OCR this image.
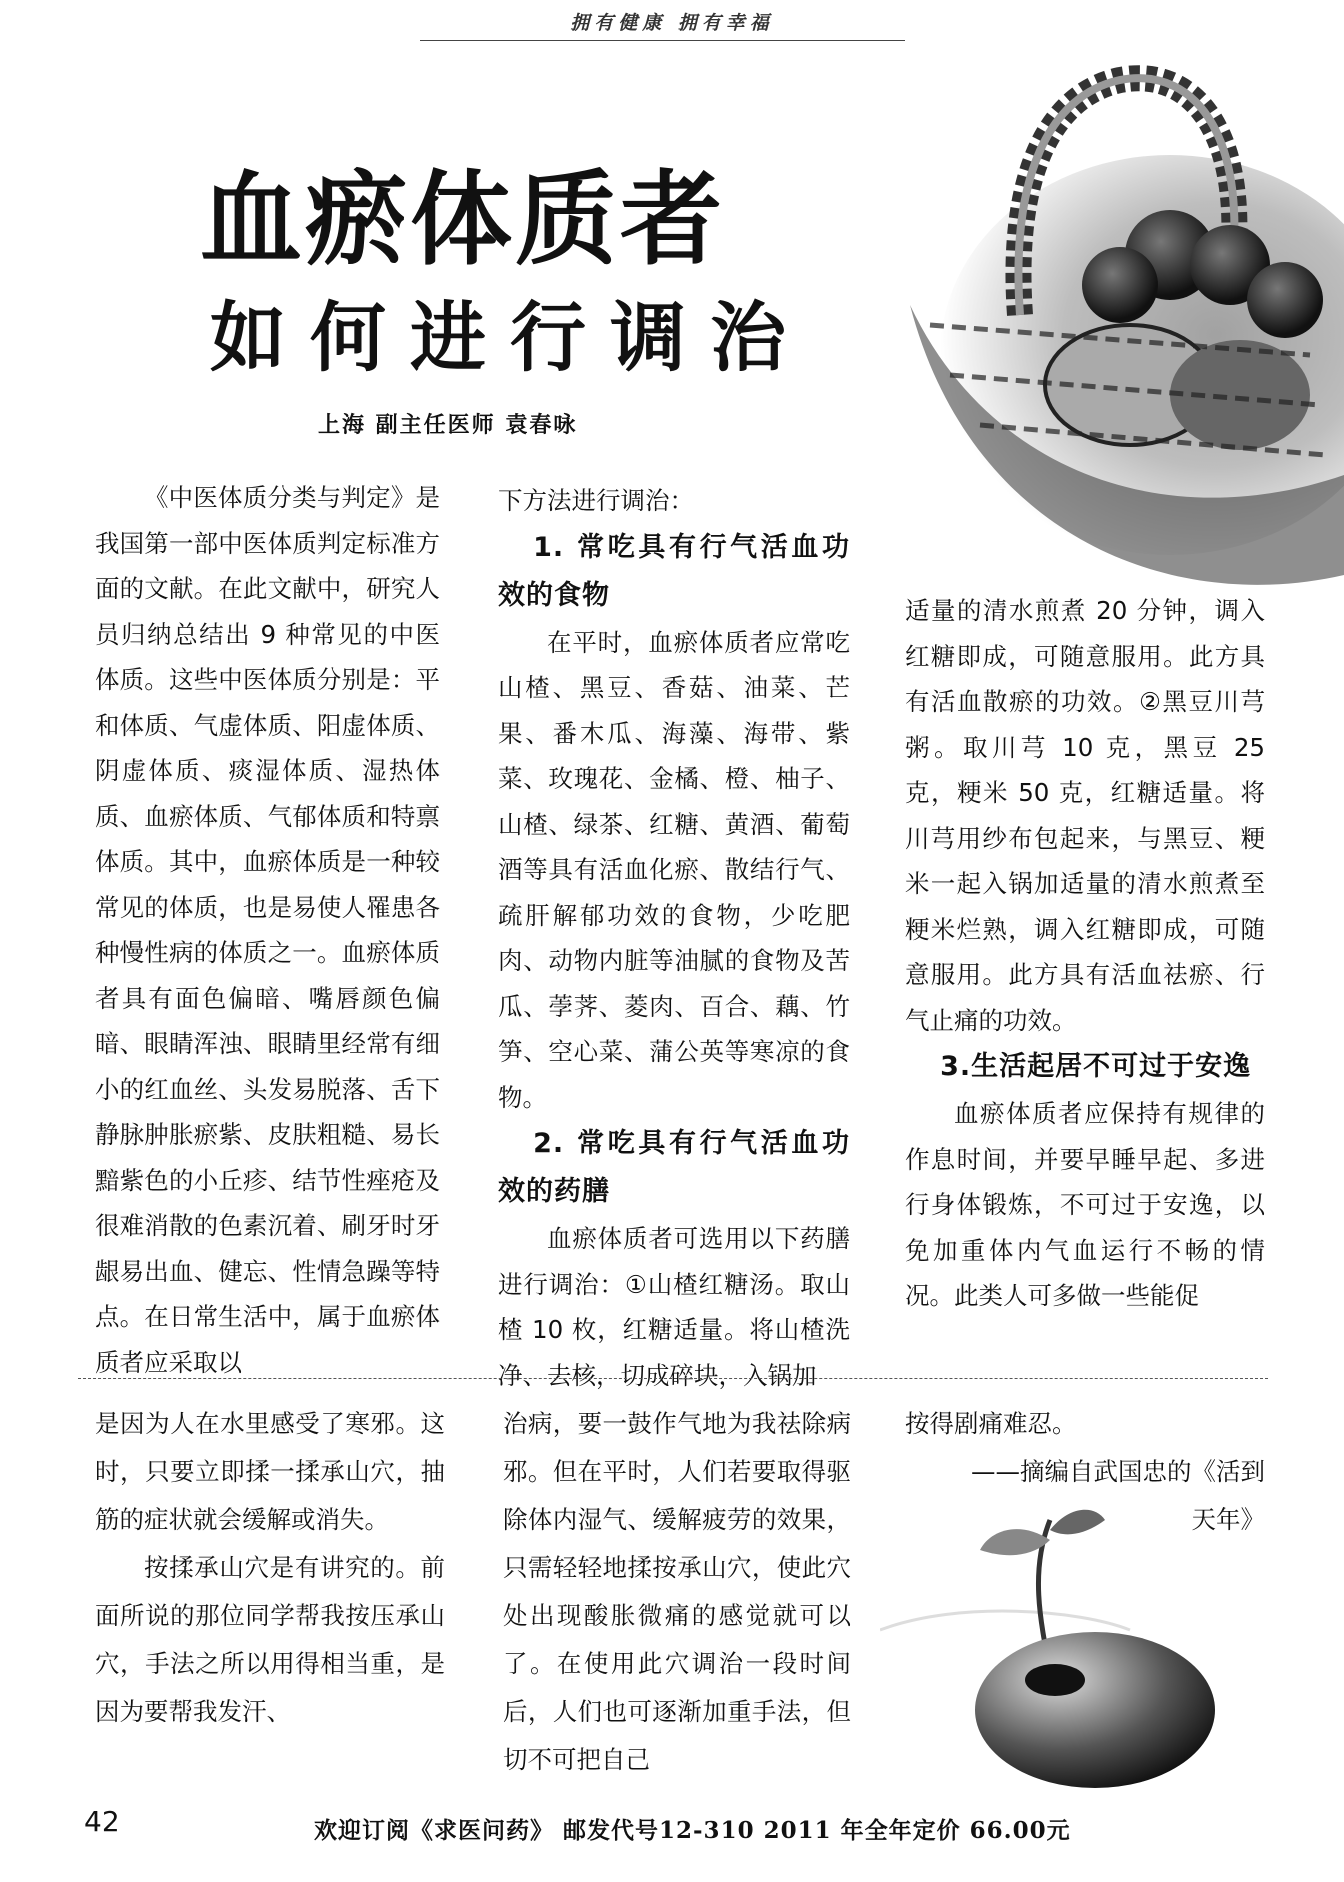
拥有健康 拥有幸福
血瘀体质者
如何进行调治
上海 副主任医师 袁春咏

《中医体质分类与判定》是我国第一部中医体质判定标准方面的文献。在此文献中，研究人员归纳总结出 9 种常见的中医体质。这些中医体质分别是：平和体质、气虚体质、阳虚体质、阴虚体质、痰湿体质、湿热体质、血瘀体质、气郁体质和特禀体质。其中，血瘀体质是一种较常见的体质，也是易使人罹患各种慢性病的体质之一。血瘀体质者具有面色偏暗、嘴唇颜色偏暗、眼睛浑浊、眼睛里经常有细小的红血丝、头发易脱落、舌下静脉肿胀瘀紫、皮肤粗糙、易长黯紫色的小丘疹、结节性痤疮及很难消散的色素沉着、刷牙时牙龈易出血、健忘、性情急躁等特点。在日常生活中，属于血瘀体质者应采取以

下方法进行调治：

1. 常吃具有行气活血功效的食物

在平时，血瘀体质者应常吃山楂、黑豆、香菇、油菜、芒果、番木瓜、海藻、海带、紫菜、玫瑰花、金橘、橙、柚子、山楂、绿茶、红糖、黄酒、葡萄酒等具有活血化瘀、散结行气、疏肝解郁功效的食物，少吃肥肉、动物内脏等油腻的食物及苦瓜、荸荠、菱肉、百合、藕、竹笋、空心菜、蒲公英等寒凉的食物。

2. 常吃具有行气活血功效的药膳

血瘀体质者可选用以下药膳进行调治：①山楂红糖汤。取山楂 10 枚，红糖适量。将山楂洗净、去核，切成碎块，入锅加

适量的清水煎煮 20 分钟，调入红糖即成，可随意服用。此方具有活血散瘀的功效。②黑豆川芎粥。取川芎 10 克，黑豆 25 克，粳米 50 克，红糖适量。将川芎用纱布包起来，与黑豆、粳米一起入锅加适量的清水煎煮至粳米烂熟，调入红糖即成，可随意服用。此方具有活血祛瘀、行气止痛的功效。

3.生活起居不可过于安逸

血瘀体质者应保持有规律的作息时间，并要早睡早起、多进行身体锻炼，不可过于安逸，以免加重体内气血运行不畅的情况。此类人可多做一些能促

是因为人在水里感受了寒邪。这时，只要立即揉一揉承山穴，抽筋的症状就会缓解或消失。

按揉承山穴是有讲究的。前面所说的那位同学帮我按压承山穴，手法之所以用得相当重，是因为要帮我发汗、

治病，要一鼓作气地为我祛除病邪。但在平时，人们若要取得驱除体内湿气、缓解疲劳的效果，只需轻轻地揉按承山穴，使此穴处出现酸胀微痛的感觉就可以了。在使用此穴调治一段时间后，人们也可逐渐加重手法，但切不可把自己

按得剧痛难忍。

——摘编自武国忠的《活到天年》

42	欢迎订阅《求医问药》 邮发代号12-310 2011 年全年定价 66.00元
